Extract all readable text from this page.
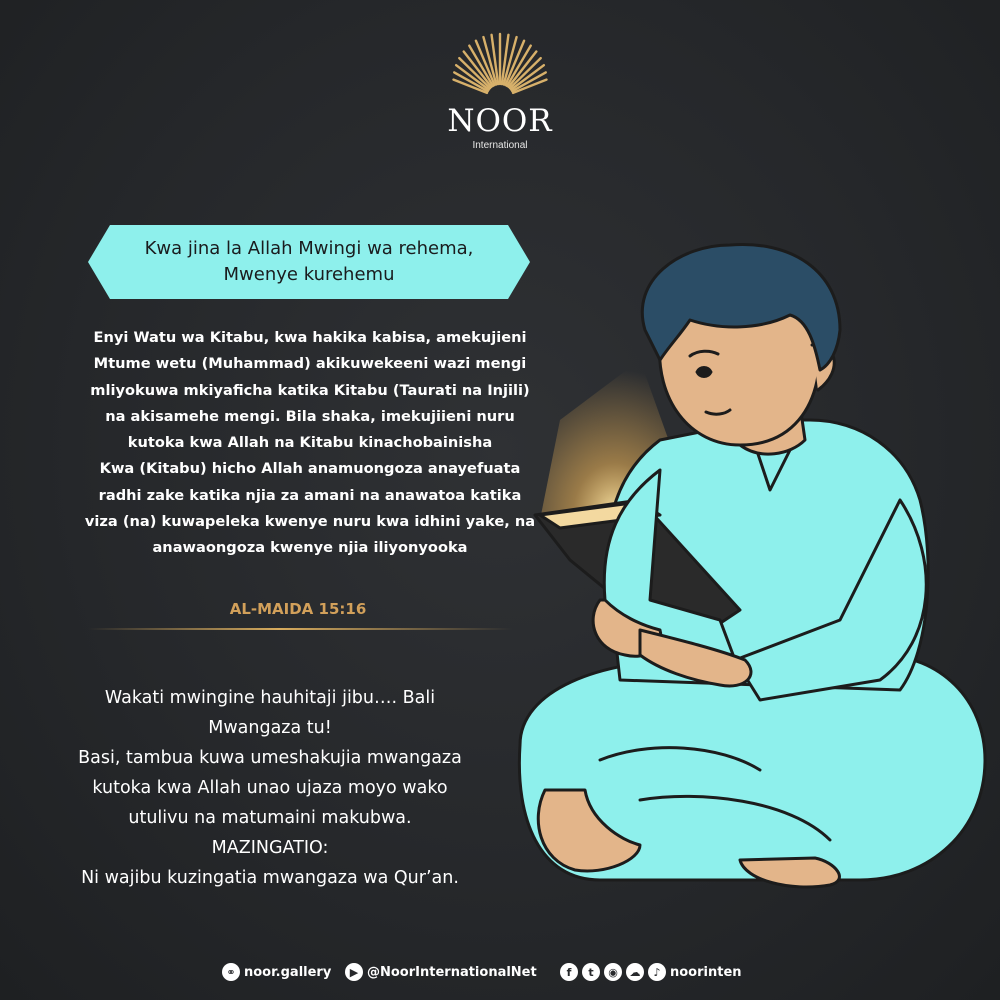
NOOR
International
Kwa jina la Allah Mwingi wa rehema,
Mwenye kurehemu
Enyi Watu wa Kitabu, kwa hakika kabisa, amekujieni
Mtume wetu (Muhammad) akikuwekeeni wazi mengi
mliyokuwa mkiyaficha katika Kitabu (Taurati na Injili)
na akisamehe mengi. Bila shaka, imekujiieni nuru
kutoka kwa Allah na Kitabu kinachobainisha
Kwa (Kitabu) hicho Allah anamuongoza anayefuata
radhi zake katika njia za amani na anawatoa katika
viza (na) kuwapeleka kwenye nuru kwa idhini yake, na
anawaongoza kwenye njia iliyonyooka
AL-MAIDA 15:16
Wakati mwingine hauhitaji jibu…. Bali
Mwangaza tu!
Basi, tambua kuwa umeshakujia mwangaza
kutoka kwa Allah unao ujaza moyo wako
utulivu na matumaini makubwa.
MAZINGATIO:
Ni wajibu kuzingatia mwangaza wa Qur’an.
⚭ noor.gallery	▶ @NoorInternationalNet	f	t	◉	☁	♪ noorinten
